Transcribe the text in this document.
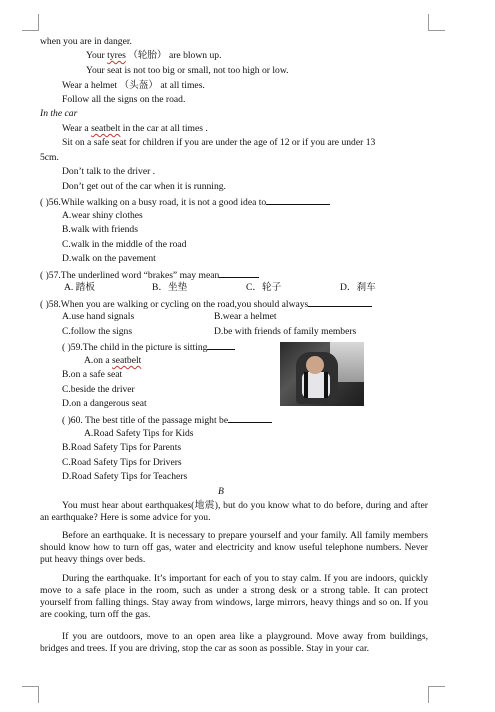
when you are in danger.
Your tyres （轮胎） are blown up.
Your seat is not too big or small, not too high or low.
Wear a helmet （头盔） at all times.
Follow all the signs on the road.
In the car
Wear a seatbelt in the car at all times .
Sit on a safe seat for children if you are under the age of 12 or if you are under 13
5cm.
Don’t talk to the driver .
Don’t get out of the car when it is running.
( )56.While walking on a busy road, it is not a good idea to
A.wear shiny clothes
B.walk with friends
C.walk in the middle of the road
D.walk on the pavement
( )57.The underlined word “brakes” may mean
A. 踏板	B．坐垫	C．轮子	D．刹车
( )58.When you are walking or cycling on the road,you should always
A.use hand signals	B.wear a helmet
C.follow the signs	D.be with friends of family members
( )59.The child in the picture is sitting
A.on a seatbelt
B.on a safe seat
C.beside the driver
D.on a dangerous seat
( )60. The best title of the passage might be
A.Road Safety Tips for Kids
B.Road Safety Tips for Parents
C.Road Safety Tips for Drivers
D.Road Safety Tips for Teachers
B
You must hear about earthquakes(地震), but do you know what to do before, during and after an earthquake? Here is some advice for you.
Before an earthquake. It is necessary to prepare yourself and your family. All family members should know how to turn off gas, water and electricity and know useful telephone numbers. Never put heavy things over beds.
During the earthquake. It’s important for each of you to stay calm. If you are indoors, quickly move to a safe place in the room, such as under a strong desk or a strong table. It can protect yourself from falling things. Stay away from windows, large mirrors, heavy things and so on. If you are cooking, turn off the gas.
If you are outdoors, move to an open area like a playground. Move away from buildings, bridges and trees. If you are driving, stop the car as soon as possible. Stay in your car.
